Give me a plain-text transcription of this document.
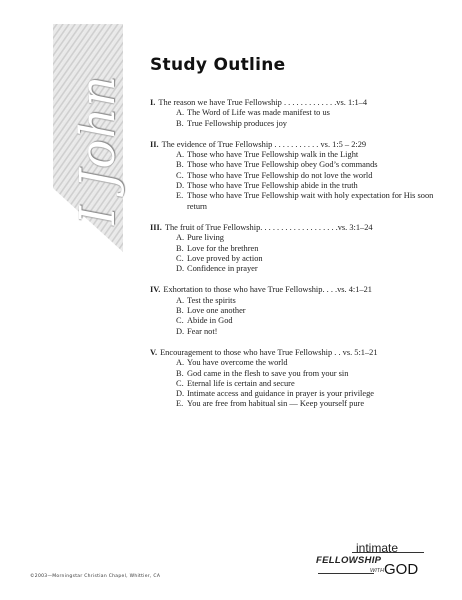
I John
Study Outline
I. The reason we have True Fellowship . . . . . . . . . . . . .vs. 1:1–4
A. The Word of Life was made manifest to us
B. True Fellowship produces joy
II. The evidence of True Fellowship . . . . . . . . . . . vs. 1:5 – 2:29
A. Those who have True Fellowship walk in the Light
B. Those who have True Fellowship obey God’s commands
C. Those who have True Fellowship do not love the world
D. Those who have True Fellowship abide in the truth
E. Those who have True Fellowship wait with holy expectation for His soon return
III. The fruit of True Fellowship. . . . . . . . . . . . . . . . . . .vs. 3:1–24
A. Pure living
B. Love for the brethren
C. Love proved by action
D. Confidence in prayer
IV. Exhortation to those who have True Fellowship. . . .vs. 4:1–21
A. Test the spirits
B. Love one another
C. Abide in God
D. Fear not!
V. Encouragement to those who have True Fellowship . . vs. 5:1–21
A. You have overcome the world
B. God came in the flesh to save you from your sin
C. Eternal life is certain and secure
D. Intimate access and guidance in prayer is your privilege
E. You are free from habitual sin — Keep yourself pure
©2003—Morningstar Christian Chapel, Whittier, CA
intimate
FELLOWSHIP
WITH GOD
